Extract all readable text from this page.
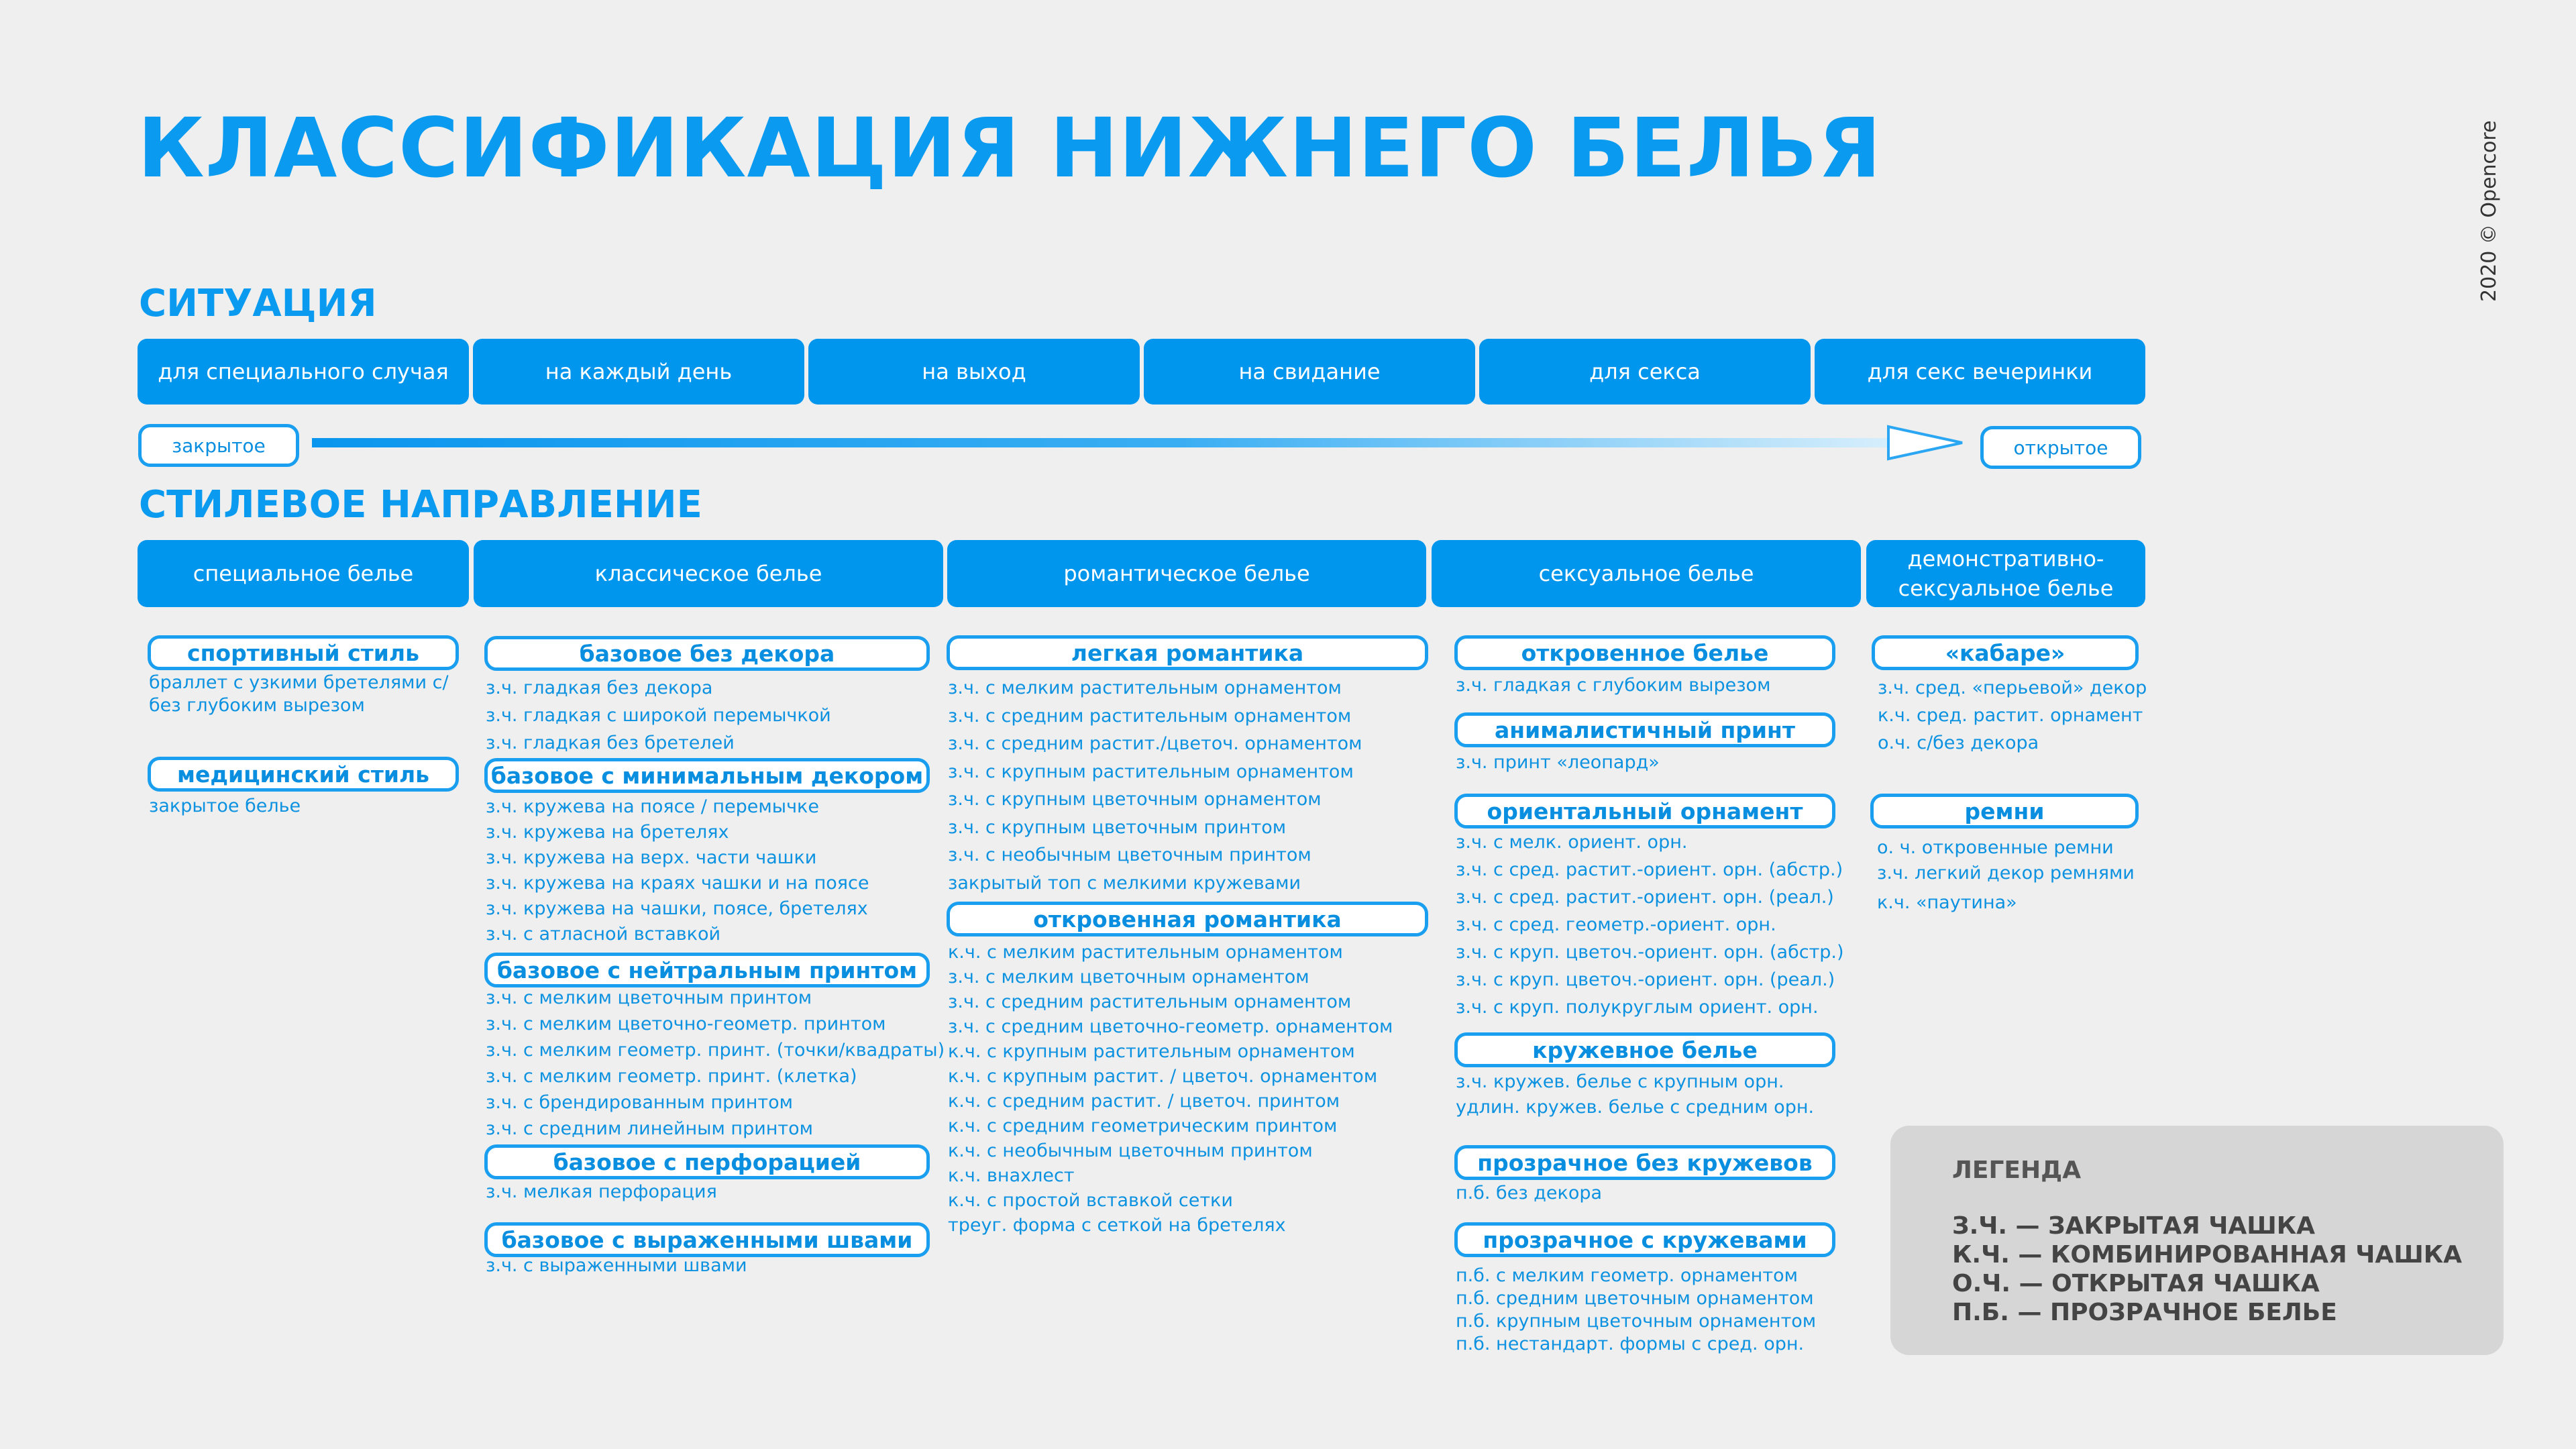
КЛАССИФИКАЦИЯ НИЖНЕГО БЕЛЬЯ	2020 © Opencore
СИТУАЦИЯ
для специального случая	на каждый день	на выход	на свидание	для секса	для секс вечеринки
закрытое	открытое
СТИЛЕВОЕ НАПРАВЛЕНИЕ
специальное белье	классическое белье	романтическое белье	сексуальное белье
демонстративно-сексуальное белье
спортивный стиль
браллет с узкими бретелями с/
без глубоким вырезом
медицинский стиль
закрытое белье
базовое без декора
з.ч. гладкая без декора
з.ч. гладкая с широкой перемычкой
з.ч. гладкая без бретелей
базовое с минимальным декором
з.ч. кружева на поясе / перемычке
з.ч. кружева на бретелях
з.ч. кружева на верх. части чашки
з.ч. кружева на краях чашки и на поясе
з.ч. кружева на чашки, поясе, бретелях
з.ч. с атласной вставкой
базовое с нейтральным принтом
з.ч. с мелким цветочным принтом
з.ч. с мелким цветочно-геометр. принтом
з.ч. с мелким геометр. принт. (точки/квадраты)
з.ч. с мелким геометр. принт. (клетка)
з.ч. с брендированным принтом
з.ч. с средним линейным принтом
базовое с перфорацией
з.ч. мелкая перфорация
базовое с выраженными швами
з.ч. с выраженными швами
легкая романтика
з.ч. с мелким растительным орнаментом
з.ч. с средним растительным орнаментом
з.ч. с средним растит./цветоч. орнаментом
з.ч. с крупным растительным орнаментом
з.ч. с крупным цветочным орнаментом
з.ч. с крупным цветочным принтом
з.ч. с необычным цветочным принтом
закрытый топ с мелкими кружевами
откровенная романтика
к.ч. с мелким растительным орнаментом
з.ч. с мелким цветочным орнаментом
з.ч. с средним растительным орнаментом
з.ч. с средним цветочно-геометр. орнаментом
к.ч. с крупным растительным орнаментом
к.ч. с крупным растит. / цветоч. орнаментом
к.ч. с средним растит. / цветоч. принтом
к.ч. с средним геометрическим принтом
к.ч. с необычным цветочным принтом
к.ч. внахлест
к.ч. с простой вставкой сетки
треуг. форма с сеткой на бретелях
откровенное белье
з.ч. гладкая с глубоким вырезом
анималистичный принт
з.ч. принт «леопард»
ориентальный орнамент
з.ч. с мелк. ориент. орн.
з.ч. с сред. растит.-ориент. орн. (абстр.)
з.ч. с сред. растит.-ориент. орн. (реал.)
з.ч. с сред. геометр.-ориент. орн.
з.ч. с круп. цветоч.-ориент. орн. (абстр.)
з.ч. с круп. цветоч.-ориент. орн. (реал.)
з.ч. с круп. полукруглым ориент. орн.
кружевное белье
з.ч. кружев. белье с крупным орн.
удлин. кружев. белье с средним орн.
прозрачное без кружевов
п.б. без декора
прозрачное с кружевами
п.б. с мелким геометр. орнаментом
п.б. средним цветочным орнаментом
п.б. крупным цветочным орнаментом
п.б. нестандарт. формы с сред. орн.
«кабаре»
з.ч. сред. «перьевой» декор
к.ч. сред. растит. орнамент
о.ч. с/без декора
ремни
о. ч. откровенные ремни
з.ч. легкий декор ремнями
к.ч. «паутина»
ЛЕГЕНДА
З.Ч. — ЗАКРЫТАЯ ЧАШКА
К.Ч. — КОМБИНИРОВАННАЯ ЧАШКА
О.Ч. — ОТКРЫТАЯ ЧАШКА
П.Б. — ПРОЗРАЧНОЕ БЕЛЬЕ
